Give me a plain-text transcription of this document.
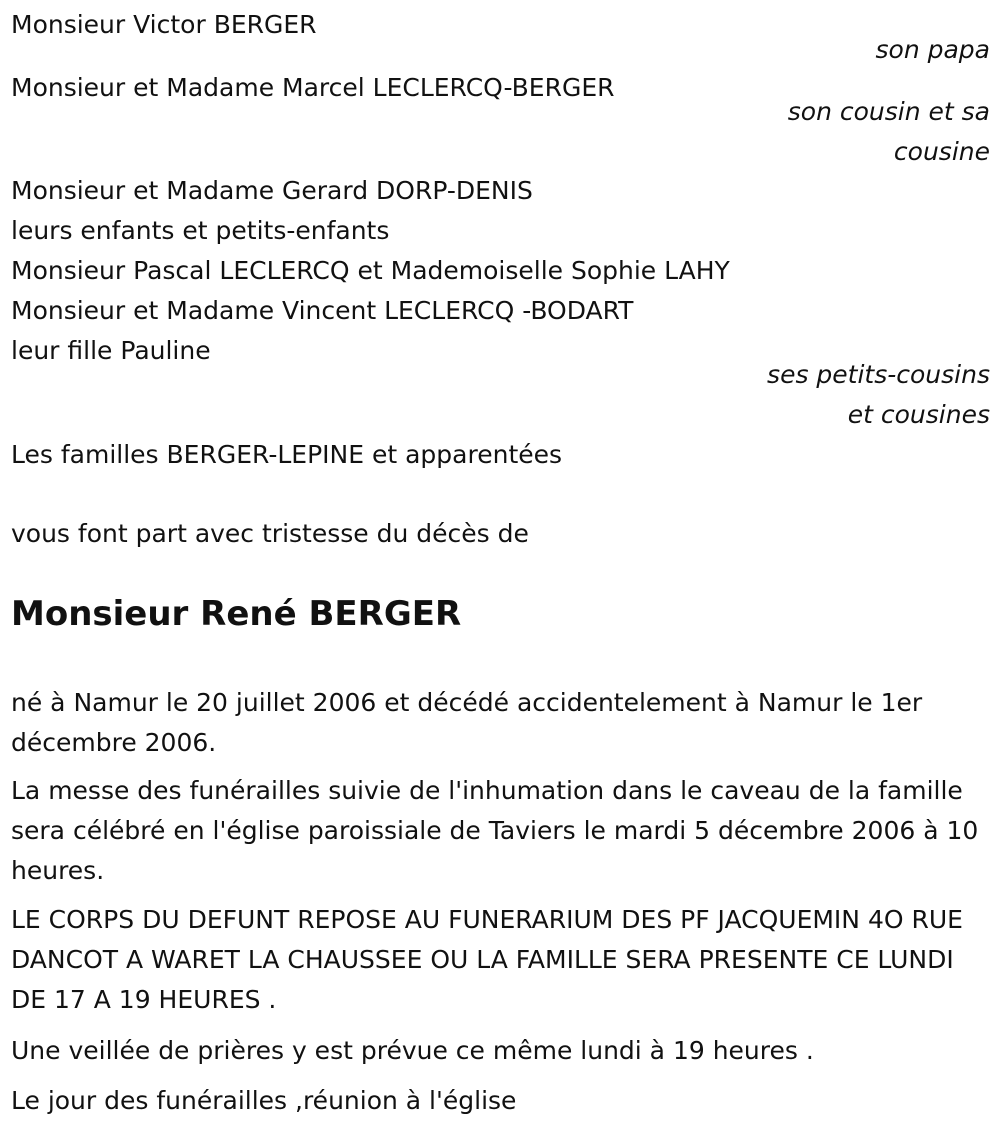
Monsieur Victor BERGER
son papa
Monsieur et Madame Marcel LECLERCQ-BERGER
son cousin et sa
cousine
Monsieur et Madame Gerard DORP-DENIS
leurs enfants et petits-enfants
Monsieur Pascal LECLERCQ et Mademoiselle Sophie LAHY
Monsieur et Madame Vincent LECLERCQ -BODART
leur fille Pauline
ses petits-cousins
et cousines
Les familles BERGER-LEPINE et apparentées
vous font part avec tristesse du décès de
Monsieur René BERGER
né à Namur le 20 juillet 2006 et décédé accidentelement à Namur le 1er décembre 2006.
La messe des funérailles suivie de l'inhumation dans le caveau de la famille sera célébré en l'église paroissiale de Taviers le mardi 5 décembre 2006 à 10 heures.
LE CORPS DU DEFUNT REPOSE AU FUNERARIUM DES PF JACQUEMIN 4O RUE DANCOT A WARET LA CHAUSSEE OU LA FAMILLE SERA PRESENTE CE LUNDI DE 17 A 19 HEURES .
Une veillée de prières y est prévue ce même lundi à 19 heures .
Le jour des funérailles ,réunion à l'église
